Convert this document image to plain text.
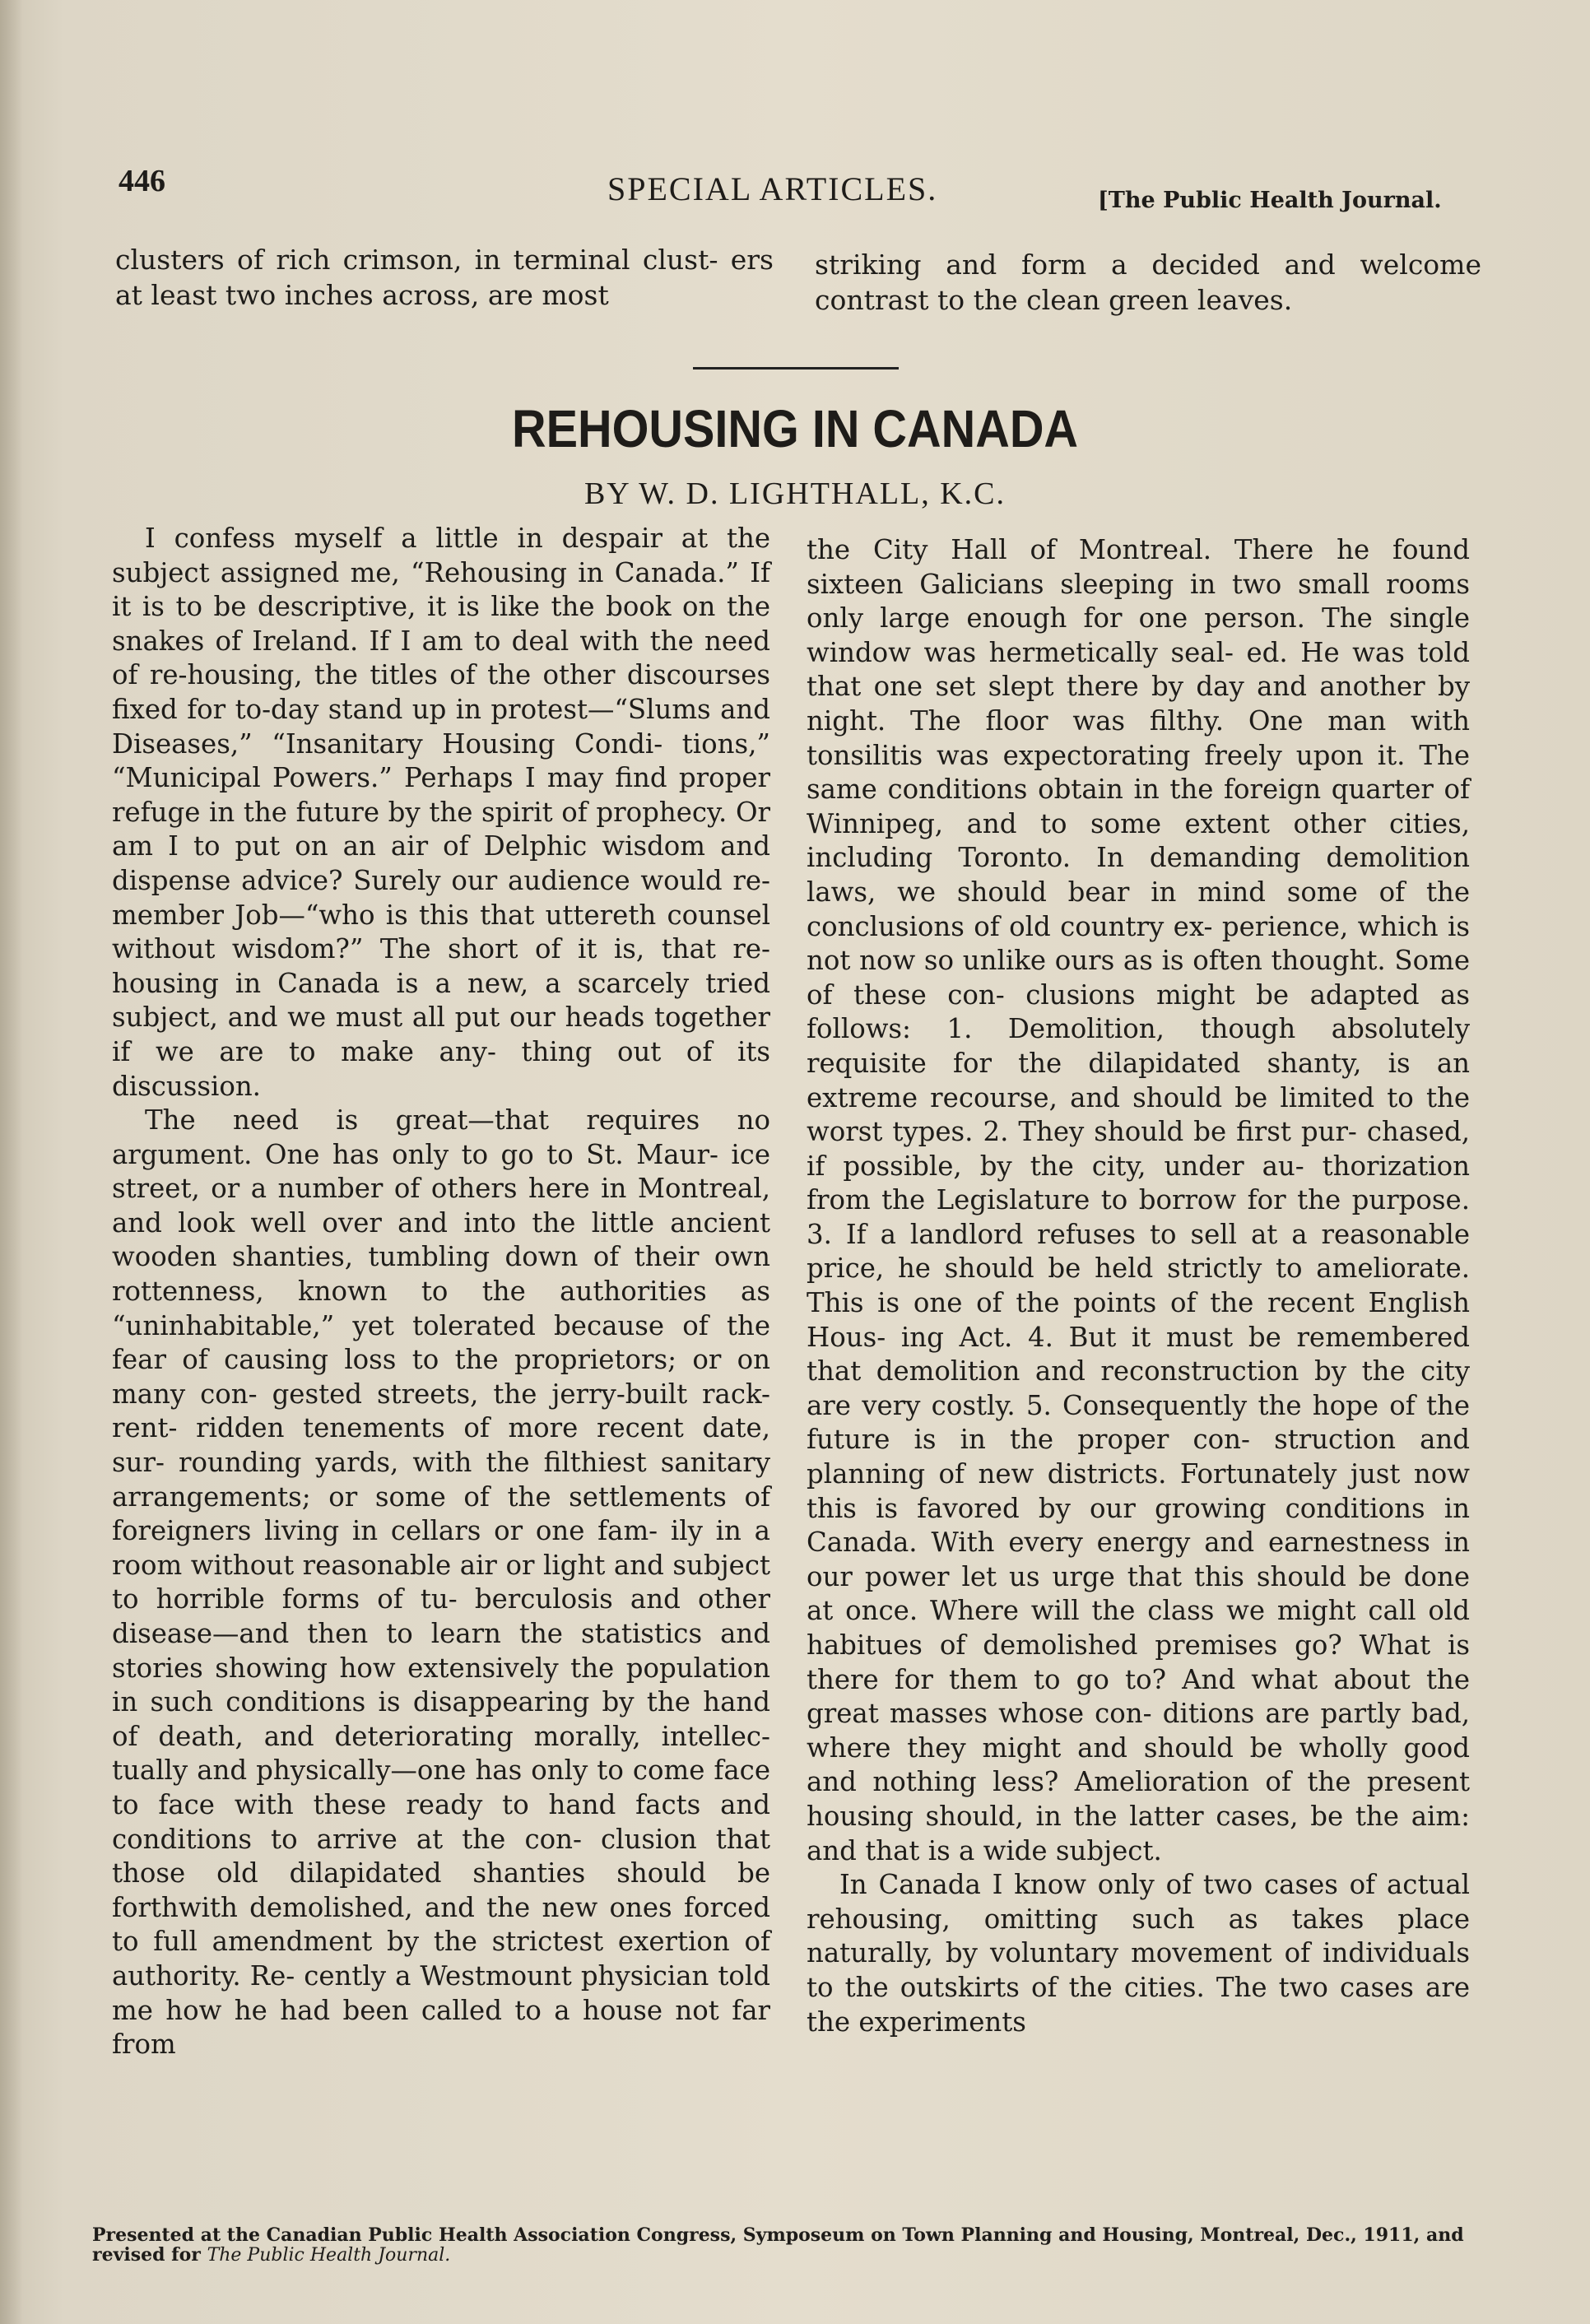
446	SPECIAL ARTICLES.	[The Public Health Journal.

clusters of rich crimson, in terminal clust- ers at least two inches across, are most

striking and form a decided and welcome contrast to the clean green leaves.

REHOUSING IN CANADA
BY W. D. LIGHTHALL, K.C.

I confess myself a little in despair at the subject assigned me, “Rehousing in Canada.” If it is to be descriptive, it is like the book on the snakes of Ireland. If I am to deal with the need of re-housing, the titles of the other discourses fixed for to-day stand up in protest—“Slums and Diseases,” “Insanitary Housing Condi- tions,” “Municipal Powers.” Perhaps I may find proper refuge in the future by the spirit of prophecy. Or am I to put on an air of Delphic wisdom and dispense advice? Surely our audience would re- member Job—“who is this that uttereth counsel without wisdom?” The short of it is, that re-housing in Canada is a new, a scarcely tried subject, and we must all put our heads together if we are to make any- thing out of its discussion.

The need is great—that requires no argument. One has only to go to St. Maur- ice street, or a number of others here in Montreal, and look well over and into the little ancient wooden shanties, tumbling down of their own rottenness, known to the authorities as “uninhabitable,” yet tolerated because of the fear of causing loss to the proprietors; or on many con- gested streets, the jerry-built rack-rent- ridden tenements of more recent date, sur- rounding yards, with the filthiest sanitary arrangements; or some of the settlements of foreigners living in cellars or one fam- ily in a room without reasonable air or light and subject to horrible forms of tu- berculosis and other disease—and then to learn the statistics and stories showing how extensively the population in such conditions is disappearing by the hand of death, and deteriorating morally, intellec- tually and physically—one has only to come face to face with these ready to hand facts and conditions to arrive at the con- clusion that those old dilapidated shanties should be forthwith demolished, and the new ones forced to full amendment by the strictest exertion of authority. Re- cently a Westmount physician told me how he had been called to a house not far from

the City Hall of Montreal. There he found sixteen Galicians sleeping in two small rooms only large enough for one person. The single window was hermetically seal- ed. He was told that one set slept there by day and another by night. The floor was filthy. One man with tonsilitis was expectorating freely upon it. The same conditions obtain in the foreign quarter of Winnipeg, and to some extent other cities, including Toronto. In demanding demolition laws, we should bear in mind some of the conclusions of old country ex- perience, which is not now so unlike ours as is often thought. Some of these con- clusions might be adapted as follows: 1. Demolition, though absolutely requisite for the dilapidated shanty, is an extreme recourse, and should be limited to the worst types. 2. They should be first pur- chased, if possible, by the city, under au- thorization from the Legislature to borrow for the purpose. 3. If a landlord refuses to sell at a reasonable price, he should be held strictly to ameliorate. This is one of the points of the recent English Hous- ing Act. 4. But it must be remembered that demolition and reconstruction by the city are very costly. 5. Consequently the hope of the future is in the proper con- struction and planning of new districts. Fortunately just now this is favored by our growing conditions in Canada. With every energy and earnestness in our power let us urge that this should be done at once. Where will the class we might call old habitues of demolished premises go? What is there for them to go to? And what about the great masses whose con- ditions are partly bad, where they might and should be wholly good and nothing less? Amelioration of the present housing should, in the latter cases, be the aim: and that is a wide subject.

In Canada I know only of two cases of actual rehousing, omitting such as takes place naturally, by voluntary movement of individuals to the outskirts of the cities. The two cases are the experiments

Presented at the Canadian Public Health Association Congress, Symposeum on Town Planning and Housing, Montreal, Dec., 1911, and revised for The Public Health Journal.
